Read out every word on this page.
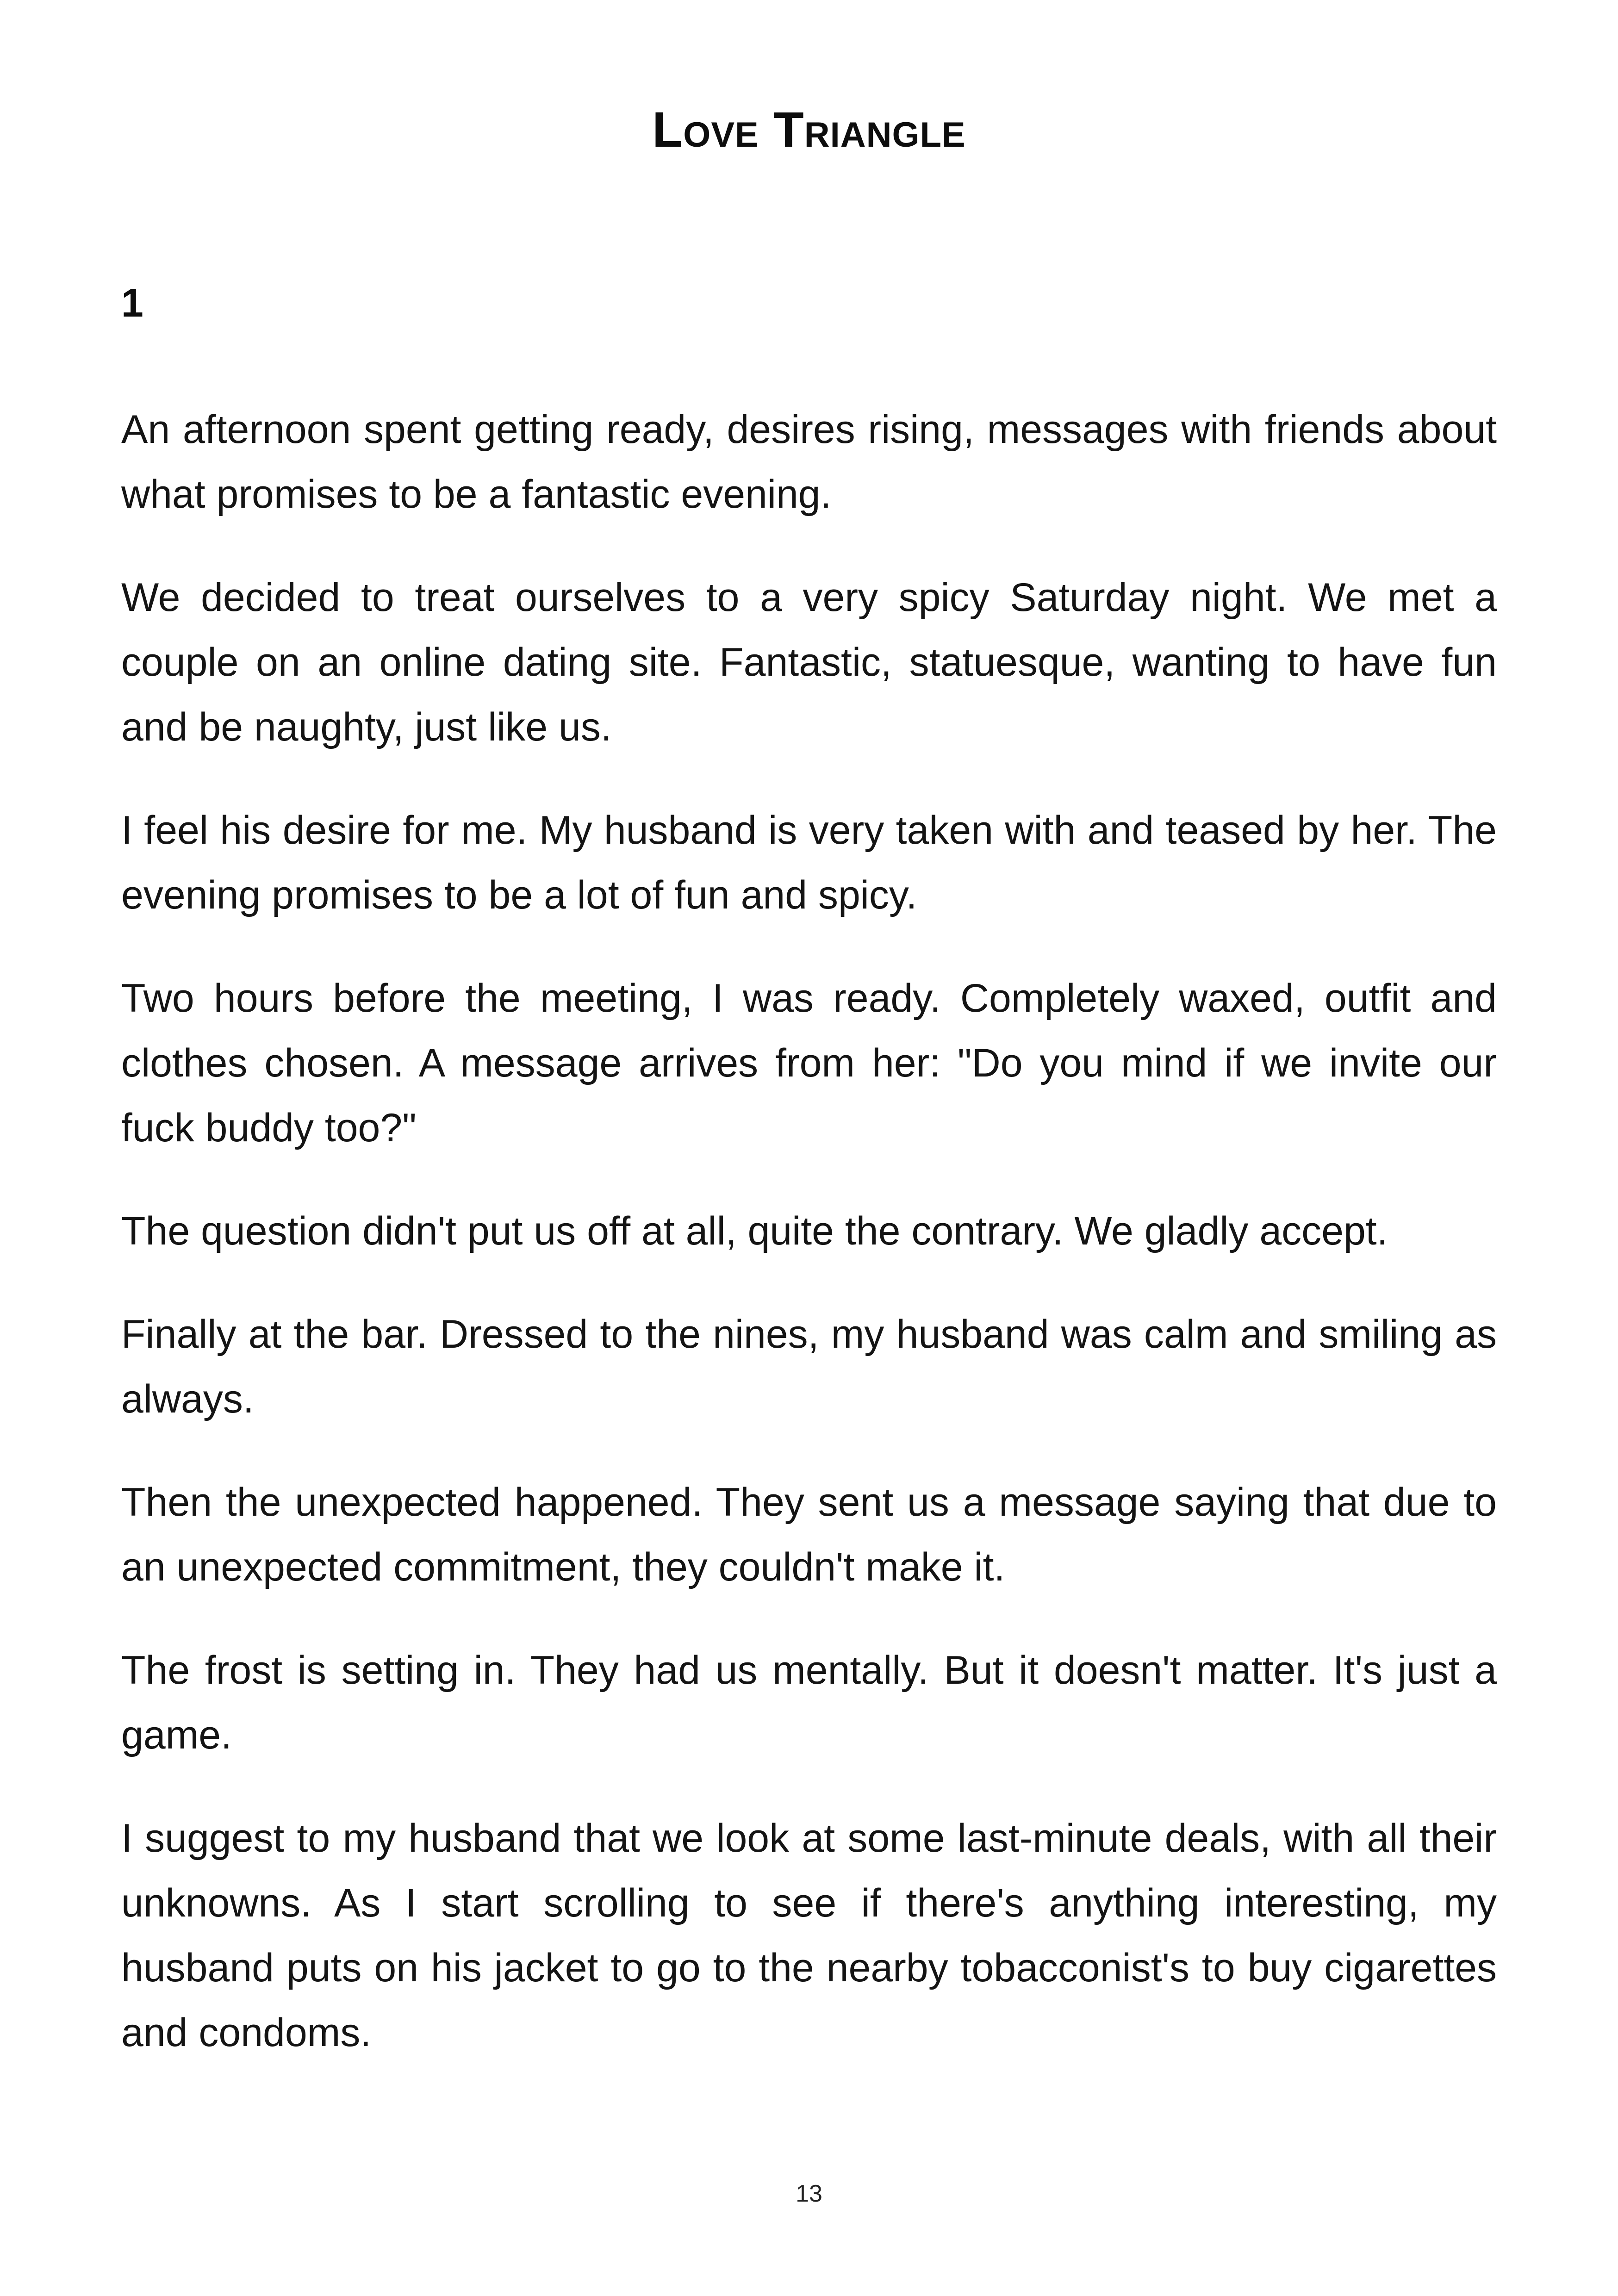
Love Triangle
1

An afternoon spent getting ready, desires rising, messages with friends about what promises to be a fantastic evening.

We decided to treat ourselves to a very spicy Saturday night. We met a couple on an online dating site. Fantastic, statuesque, wanting to have fun and be naughty, just like us.

I feel his desire for me. My husband is very taken with and teased by her. The evening promises to be a lot of fun and spicy.

Two hours before the meeting, I was ready. Completely waxed, outfit and clothes chosen. A message arrives from her: "Do you mind if we invite our fuck buddy too?"

The question didn't put us off at all, quite the contrary. We gladly accept.

Finally at the bar. Dressed to the nines, my husband was calm and smiling as always.

Then the unexpected happened. They sent us a message saying that due to an unexpected commitment, they couldn't make it.

The frost is setting in. They had us mentally. But it doesn't matter. It's just a game.

I suggest to my husband that we look at some last-minute deals, with all their unknowns. As I start scrolling to see if there's anything interesting, my husband puts on his jacket to go to the nearby tobacconist's to buy cigarettes and condoms.

13
